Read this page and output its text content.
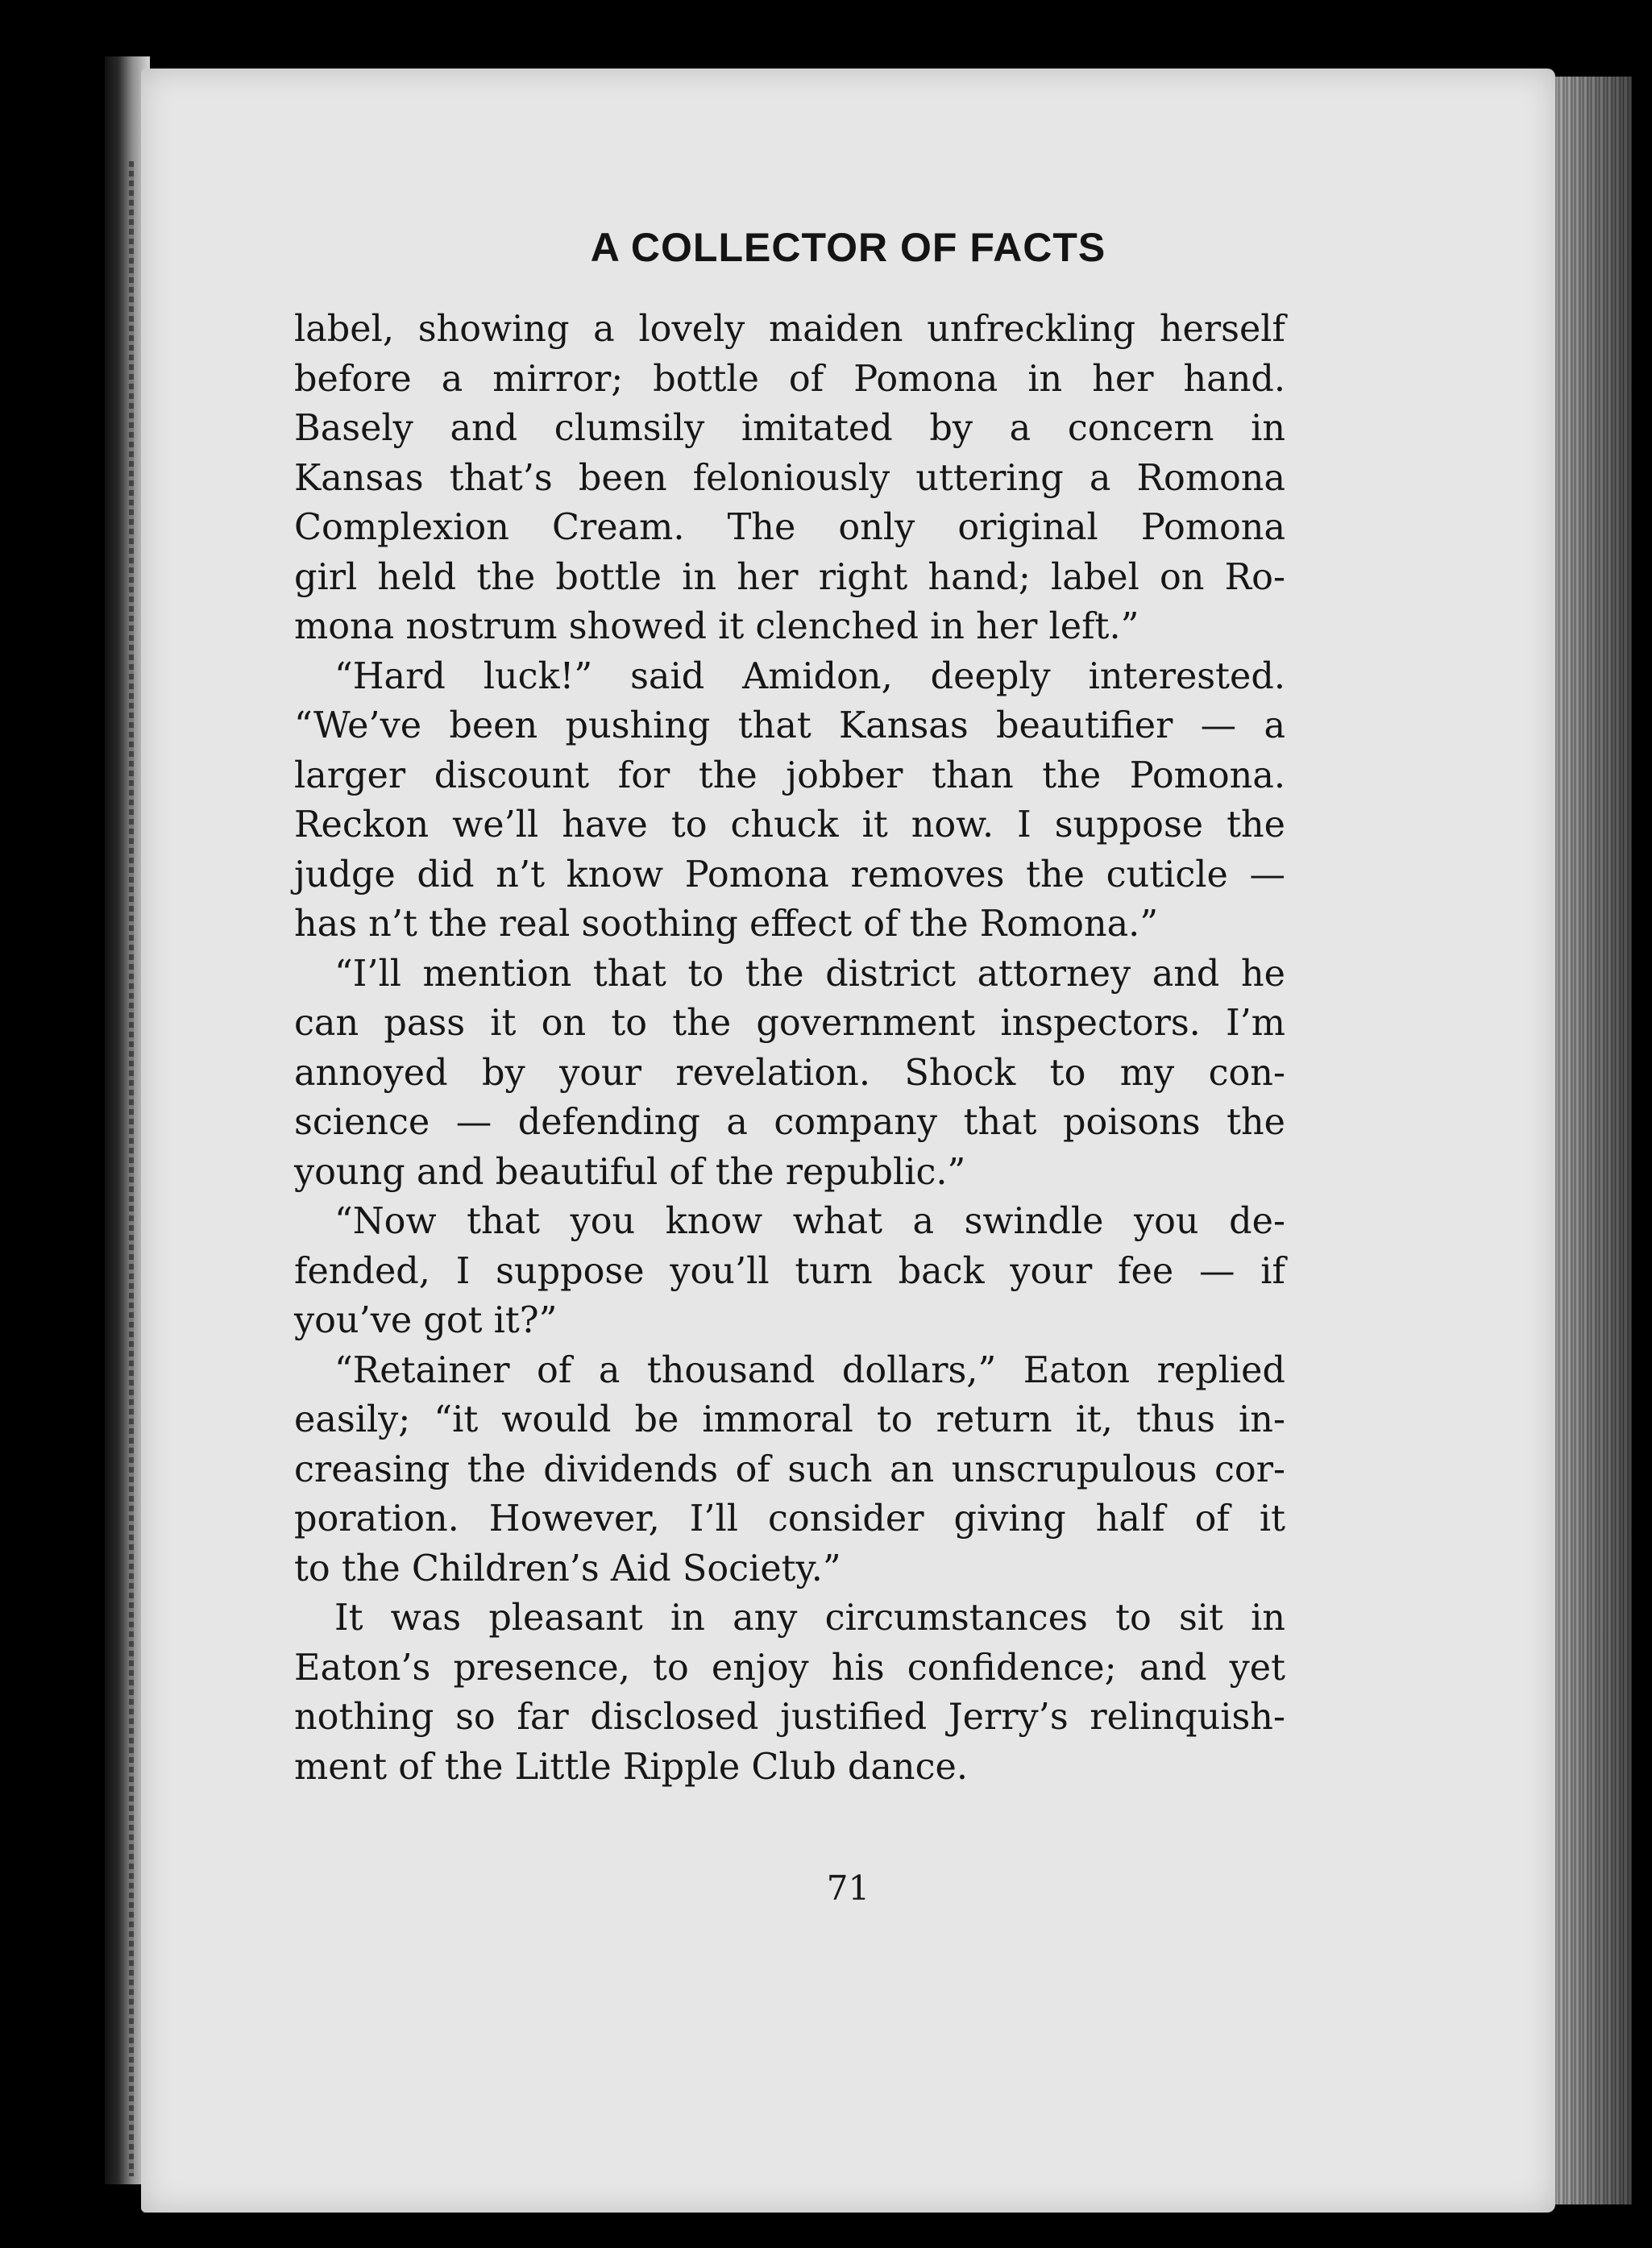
A COLLECTOR OF FACTS
label, showing a lovely maiden unfreckling herself
before a mirror; bottle of Pomona in her hand.
Basely and clumsily imitated by a concern in
Kansas that’s been feloniously uttering a Romona
Complexion Cream. The only original Pomona
girl held the bottle in her right hand; label on Ro-
mona nostrum showed it clenched in her left.”
“Hard luck!” said Amidon, deeply interested.
“We’ve been pushing that Kansas beautifier — a
larger discount for the jobber than the Pomona.
Reckon we’ll have to chuck it now. I suppose the
judge did n’t know Pomona removes the cuticle —
has n’t the real soothing effect of the Romona.”
“I’ll mention that to the district attorney and he
can pass it on to the government inspectors. I’m
annoyed by your revelation. Shock to my con-
science — defending a company that poisons the
young and beautiful of the republic.”
“Now that you know what a swindle you de-
fended, I suppose you’ll turn back your fee — if
you’ve got it?”
“Retainer of a thousand dollars,” Eaton replied
easily; “it would be immoral to return it, thus in-
creasing the dividends of such an unscrupulous cor-
poration. However, I’ll consider giving half of it
to the Children’s Aid Society.”
It was pleasant in any circumstances to sit in
Eaton’s presence, to enjoy his confidence; and yet
nothing so far disclosed justified Jerry’s relinquish-
ment of the Little Ripple Club dance.
71
